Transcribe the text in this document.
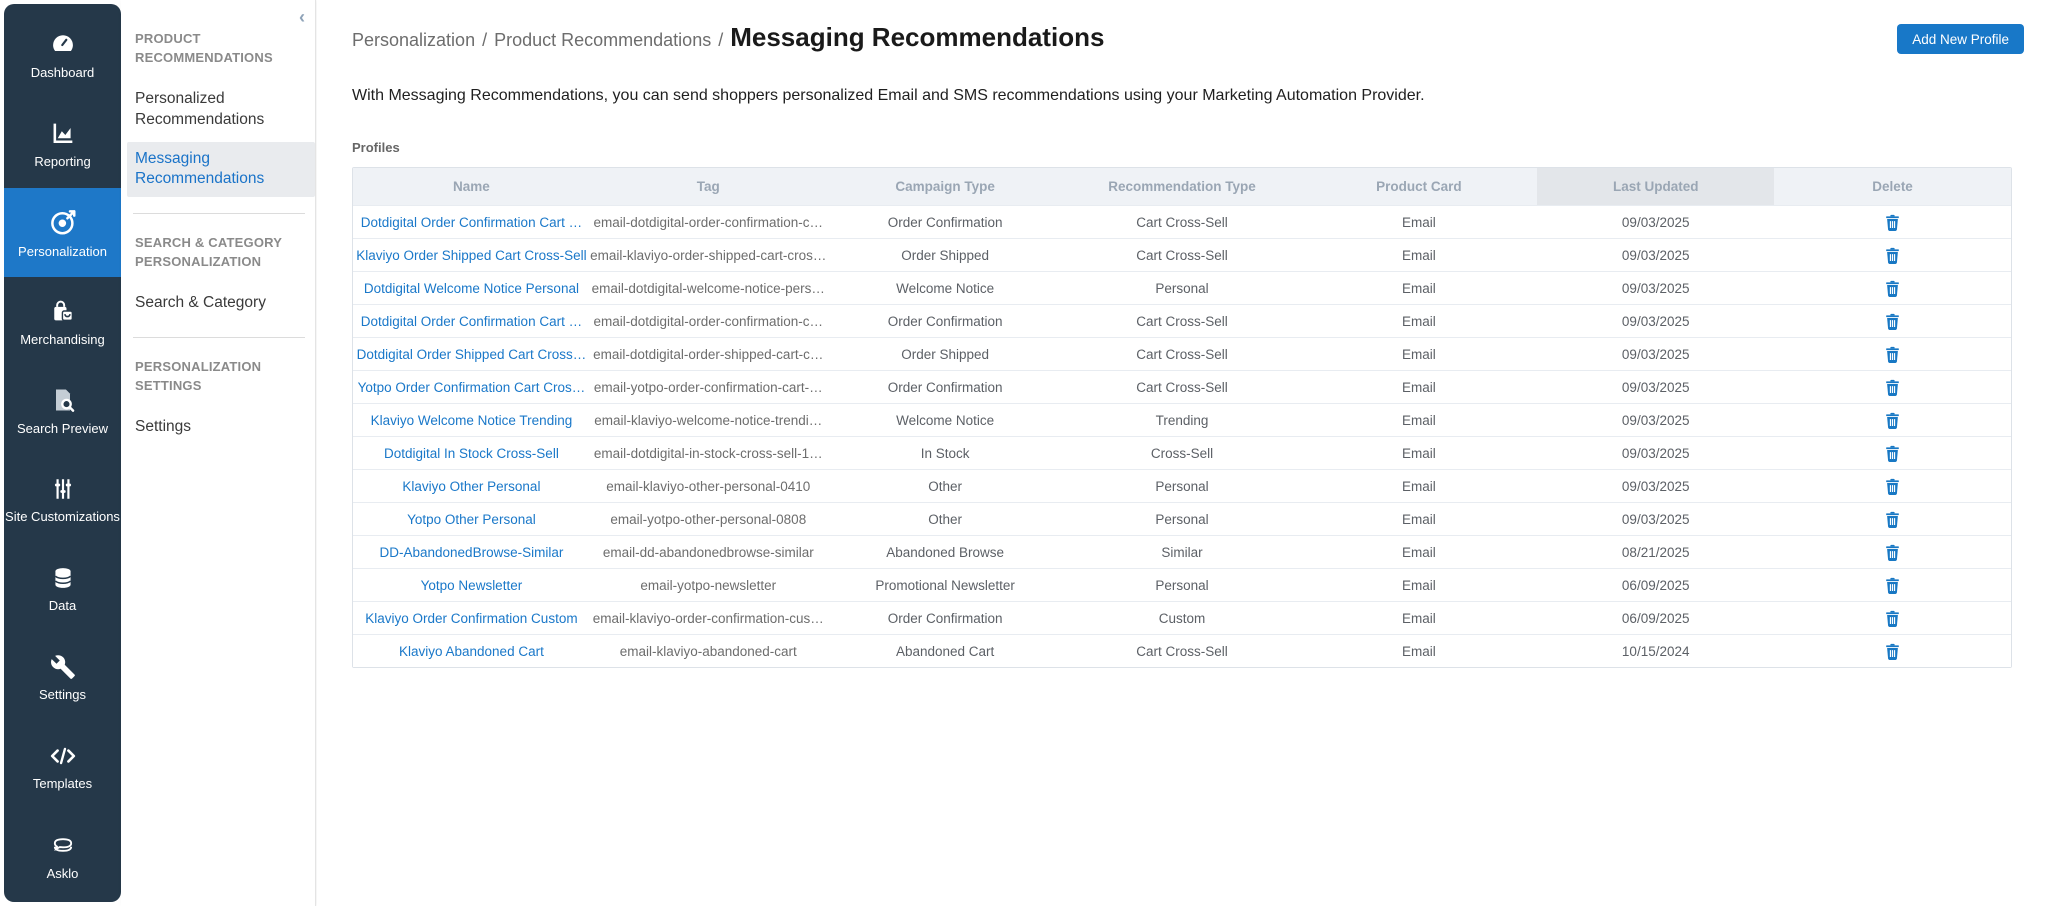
Dashboard
Reporting
Personalization
Merchandising
Search Preview
Site Customizations
Data
Settings
Templates
Asklo
‹
PRODUCT RECOMMENDATIONS
Personalized Recommendations
Messaging Recommendations
SEARCH & CATEGORY PERSONALIZATION
Search & Category
PERSONALIZATION SETTINGS
Settings
Personalization / Product Recommendations / Messaging Recommendations	Add New Profile
With Messaging Recommendations, you can send shoppers personalized Email and SMS recommendations using your Marketing Automation Provider.
Profiles
Name	Tag	Campaign Type	Recommendation Type	Product Card	Last Updated	Delete
Dotdigital Order Confirmation Cart … email-dotdigital-order-confirmation-c…	Order Confirmation	Cart Cross-Sell	Email	09/03/2025
Klaviyo Order Shipped Cart Cross-Sell email-klaviyo-order-shipped-cart-cros…	Order Shipped	Cart Cross-Sell	Email	09/03/2025
Dotdigital Welcome Notice Personal email-dotdigital-welcome-notice-pers…	Welcome Notice	Personal	Email	09/03/2025
Dotdigital Order Confirmation Cart … email-dotdigital-order-confirmation-c…	Order Confirmation	Cart Cross-Sell	Email	09/03/2025
Dotdigital Order Shipped Cart Cross… email-dotdigital-order-shipped-cart-c…	Order Shipped	Cart Cross-Sell	Email	09/03/2025
Yotpo Order Confirmation Cart Cros… email-yotpo-order-confirmation-cart-…	Order Confirmation	Cart Cross-Sell	Email	09/03/2025
Klaviyo Welcome Notice Trending	email-klaviyo-welcome-notice-trendi…	Welcome Notice	Trending	Email	09/03/2025
Dotdigital In Stock Cross-Sell	email-dotdigital-in-stock-cross-sell-1…	In Stock	Cross-Sell	Email	09/03/2025
Klaviyo Other Personal	email-klaviyo-other-personal-0410	Other	Personal	Email	09/03/2025
Yotpo Other Personal	email-yotpo-other-personal-0808	Other	Personal	Email	09/03/2025
DD-AbandonedBrowse-Similar	email-dd-abandonedbrowse-similar	Abandoned Browse	Similar	Email	08/21/2025
Yotpo Newsletter	email-yotpo-newsletter	Promotional Newsletter	Personal	Email	06/09/2025
Klaviyo Order Confirmation Custom email-klaviyo-order-confirmation-cus…	Order Confirmation	Custom	Email	06/09/2025
Klaviyo Abandoned Cart	email-klaviyo-abandoned-cart	Abandoned Cart	Cart Cross-Sell	Email	10/15/2024
